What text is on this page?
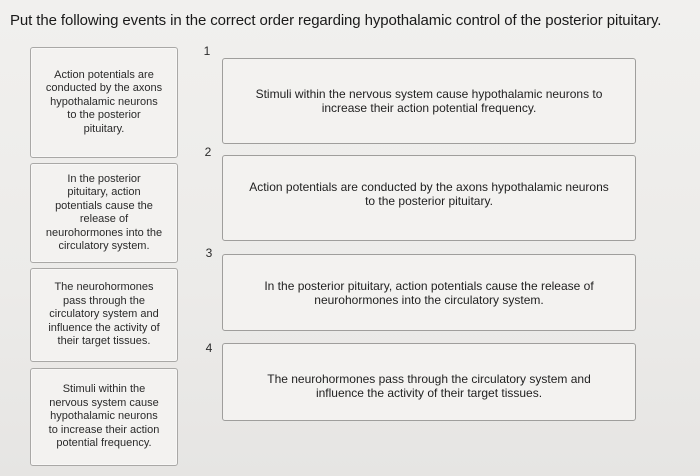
Put the following events in the correct order regarding hypothalamic control of the posterior pituitary.
Action potentials are
conducted by the axons
hypothalamic neurons
to the posterior
pituitary.
In the posterior
pituitary, action
potentials cause the
release of
neurohormones into the
circulatory system.
The neurohormones
pass through the
circulatory system and
influence the activity of
their target tissues.
Stimuli within the
nervous system cause
hypothalamic neurons
to increase their action
potential frequency.
1
2
3
4
Stimuli within the nervous system cause hypothalamic neurons to
increase their action potential frequency.
Action potentials are conducted by the axons hypothalamic neurons
to the posterior pituitary.
In the posterior pituitary, action potentials cause the release of
neurohormones into the circulatory system.
The neurohormones pass through the circulatory system and
influence the activity of their target tissues.
